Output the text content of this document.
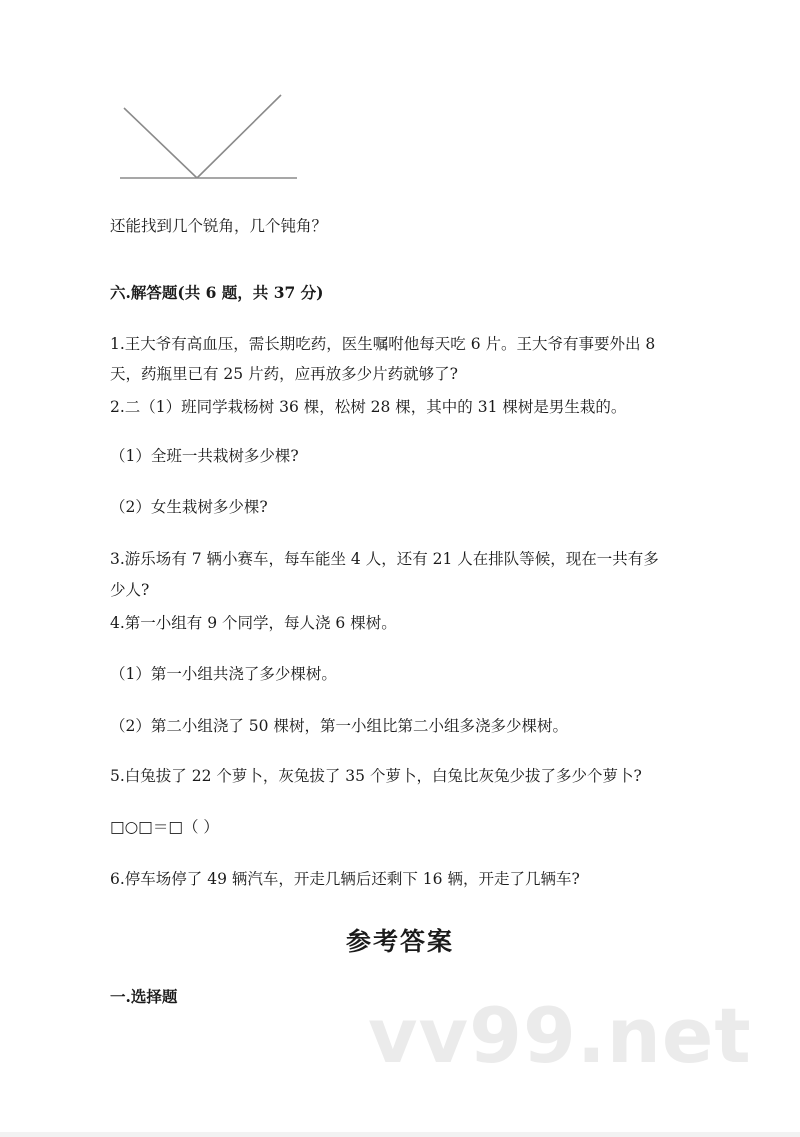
还能找到几个锐角，几个钝角？
六.解答题(共 6 题，共 37 分)
1.王大爷有高血压，需长期吃药，医生嘱咐他每天吃 6 片。王大爷有事要外出 8
天，药瓶里已有 25 片药，应再放多少片药就够了?
2.二（1）班同学栽杨树 36 棵，松树 28 棵，其中的 31 棵树是男生栽的。
（1）全班一共栽树多少棵?
（2）女生栽树多少棵?
3.游乐场有 7 辆小赛车，每车能坐 4 人，还有 21 人在排队等候，现在一共有多
少人?
4.第一小组有 9 个同学，每人浇 6 棵树。
（1）第一小组共浇了多少棵树。
（2）第二小组浇了 50 棵树，第一小组比第二小组多浇多少棵树。
5.白兔拔了 22 个萝卜，灰兔拔了 35 个萝卜，白兔比灰兔少拔了多少个萝卜?
□○□＝□（ ）
6.停车场停了 49 辆汽车，开走几辆后还剩下 16 辆，开走了几辆车?
参考答案
一.选择题	vv99.net
